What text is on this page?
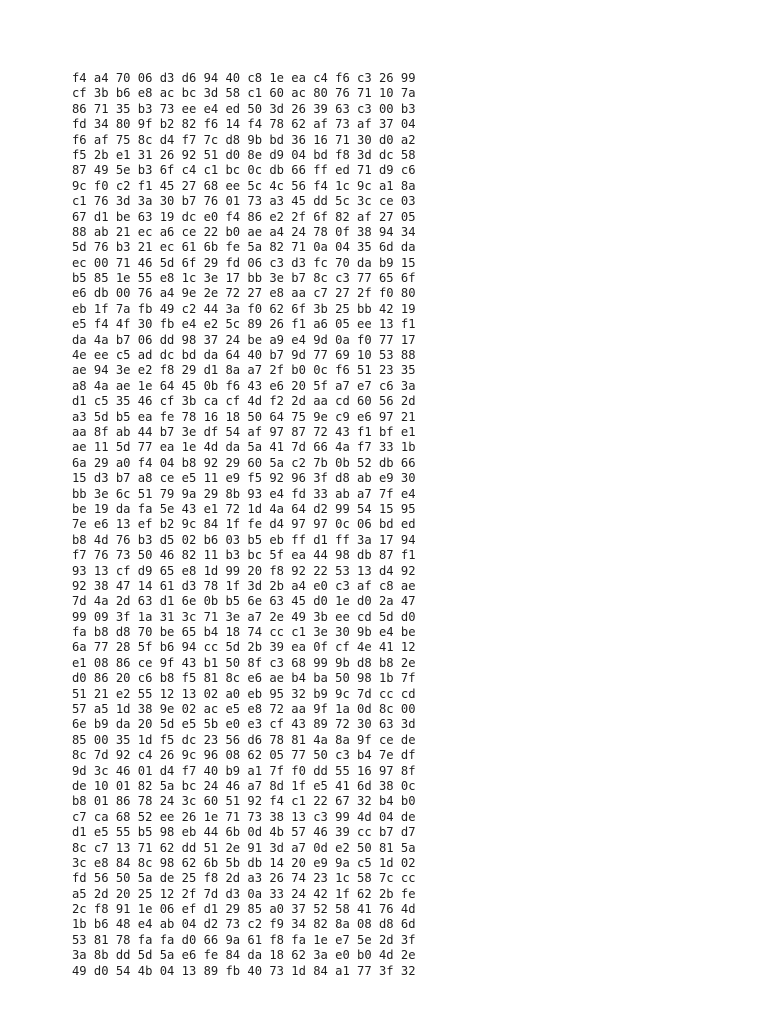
f4 a4 70 06 d3 d6 94 40 c8 1e ea c4 f6 c3 26 99
cf 3b b6 e8 ac bc 3d 58 c1 60 ac 80 76 71 10 7a
86 71 35 b3 73 ee e4 ed 50 3d 26 39 63 c3 00 b3
fd 34 80 9f b2 82 f6 14 f4 78 62 af 73 af 37 04
f6 af 75 8c d4 f7 7c d8 9b bd 36 16 71 30 d0 a2
f5 2b e1 31 26 92 51 d0 8e d9 04 bd f8 3d dc 58
87 49 5e b3 6f c4 c1 bc 0c db 66 ff ed 71 d9 c6
9c f0 c2 f1 45 27 68 ee 5c 4c 56 f4 1c 9c a1 8a
c1 76 3d 3a 30 b7 76 01 73 a3 45 dd 5c 3c ce 03
67 d1 be 63 19 dc e0 f4 86 e2 2f 6f 82 af 27 05
88 ab 21 ec a6 ce 22 b0 ae a4 24 78 0f 38 94 34
5d 76 b3 21 ec 61 6b fe 5a 82 71 0a 04 35 6d da
ec 00 71 46 5d 6f 29 fd 06 c3 d3 fc 70 da b9 15
b5 85 1e 55 e8 1c 3e 17 bb 3e b7 8c c3 77 65 6f
e6 db 00 76 a4 9e 2e 72 27 e8 aa c7 27 2f f0 80
eb 1f 7a fb 49 c2 44 3a f0 62 6f 3b 25 bb 42 19
e5 f4 4f 30 fb e4 e2 5c 89 26 f1 a6 05 ee 13 f1
da 4a b7 06 dd 98 37 24 be a9 e4 9d 0a f0 77 17
4e ee c5 ad dc bd da 64 40 b7 9d 77 69 10 53 88
ae 94 3e e2 f8 29 d1 8a a7 2f b0 0c f6 51 23 35
a8 4a ae 1e 64 45 0b f6 43 e6 20 5f a7 e7 c6 3a
d1 c5 35 46 cf 3b ca cf 4d f2 2d aa cd 60 56 2d
a3 5d b5 ea fe 78 16 18 50 64 75 9e c9 e6 97 21
aa 8f ab 44 b7 3e df 54 af 97 87 72 43 f1 bf e1
ae 11 5d 77 ea 1e 4d da 5a 41 7d 66 4a f7 33 1b
6a 29 a0 f4 04 b8 92 29 60 5a c2 7b 0b 52 db 66
15 d3 b7 a8 ce e5 11 e9 f5 92 96 3f d8 ab e9 30
bb 3e 6c 51 79 9a 29 8b 93 e4 fd 33 ab a7 7f e4
be 19 da fa 5e 43 e1 72 1d 4a 64 d2 99 54 15 95
7e e6 13 ef b2 9c 84 1f fe d4 97 97 0c 06 bd ed
b8 4d 76 b3 d5 02 b6 03 b5 eb ff d1 ff 3a 17 94
f7 76 73 50 46 82 11 b3 bc 5f ea 44 98 db 87 f1
93 13 cf d9 65 e8 1d 99 20 f8 92 22 53 13 d4 92
92 38 47 14 61 d3 78 1f 3d 2b a4 e0 c3 af c8 ae
7d 4a 2d 63 d1 6e 0b b5 6e 63 45 d0 1e d0 2a 47
99 09 3f 1a 31 3c 71 3e a7 2e 49 3b ee cd 5d d0
fa b8 d8 70 be 65 b4 18 74 cc c1 3e 30 9b e4 be
6a 77 28 5f b6 94 cc 5d 2b 39 ea 0f cf 4e 41 12
e1 08 86 ce 9f 43 b1 50 8f c3 68 99 9b d8 b8 2e
d0 86 20 c6 b8 f5 81 8c e6 ae b4 ba 50 98 1b 7f
51 21 e2 55 12 13 02 a0 eb 95 32 b9 9c 7d cc cd
57 a5 1d 38 9e 02 ac e5 e8 72 aa 9f 1a 0d 8c 00
6e b9 da 20 5d e5 5b e0 e3 cf 43 89 72 30 63 3d
85 00 35 1d f5 dc 23 56 d6 78 81 4a 8a 9f ce de
8c 7d 92 c4 26 9c 96 08 62 05 77 50 c3 b4 7e df
9d 3c 46 01 d4 f7 40 b9 a1 7f f0 dd 55 16 97 8f
de 10 01 82 5a bc 24 46 a7 8d 1f e5 41 6d 38 0c
b8 01 86 78 24 3c 60 51 92 f4 c1 22 67 32 b4 b0
c7 ca 68 52 ee 26 1e 71 73 38 13 c3 99 4d 04 de
d1 e5 55 b5 98 eb 44 6b 0d 4b 57 46 39 cc b7 d7
8c c7 13 71 62 dd 51 2e 91 3d a7 0d e2 50 81 5a
3c e8 84 8c 98 62 6b 5b db 14 20 e9 9a c5 1d 02
fd 56 50 5a de 25 f8 2d a3 26 74 23 1c 58 7c cc
a5 2d 20 25 12 2f 7d d3 0a 33 24 42 1f 62 2b fe
2c f8 91 1e 06 ef d1 29 85 a0 37 52 58 41 76 4d
1b b6 48 e4 ab 04 d2 73 c2 f9 34 82 8a 08 d8 6d
53 81 78 fa fa d0 66 9a 61 f8 fa 1e e7 5e 2d 3f
3a 8b dd 5d 5a e6 fe 84 da 18 62 3a e0 b0 4d 2e
49 d0 54 4b 04 13 89 fb 40 73 1d 84 a1 77 3f 32
